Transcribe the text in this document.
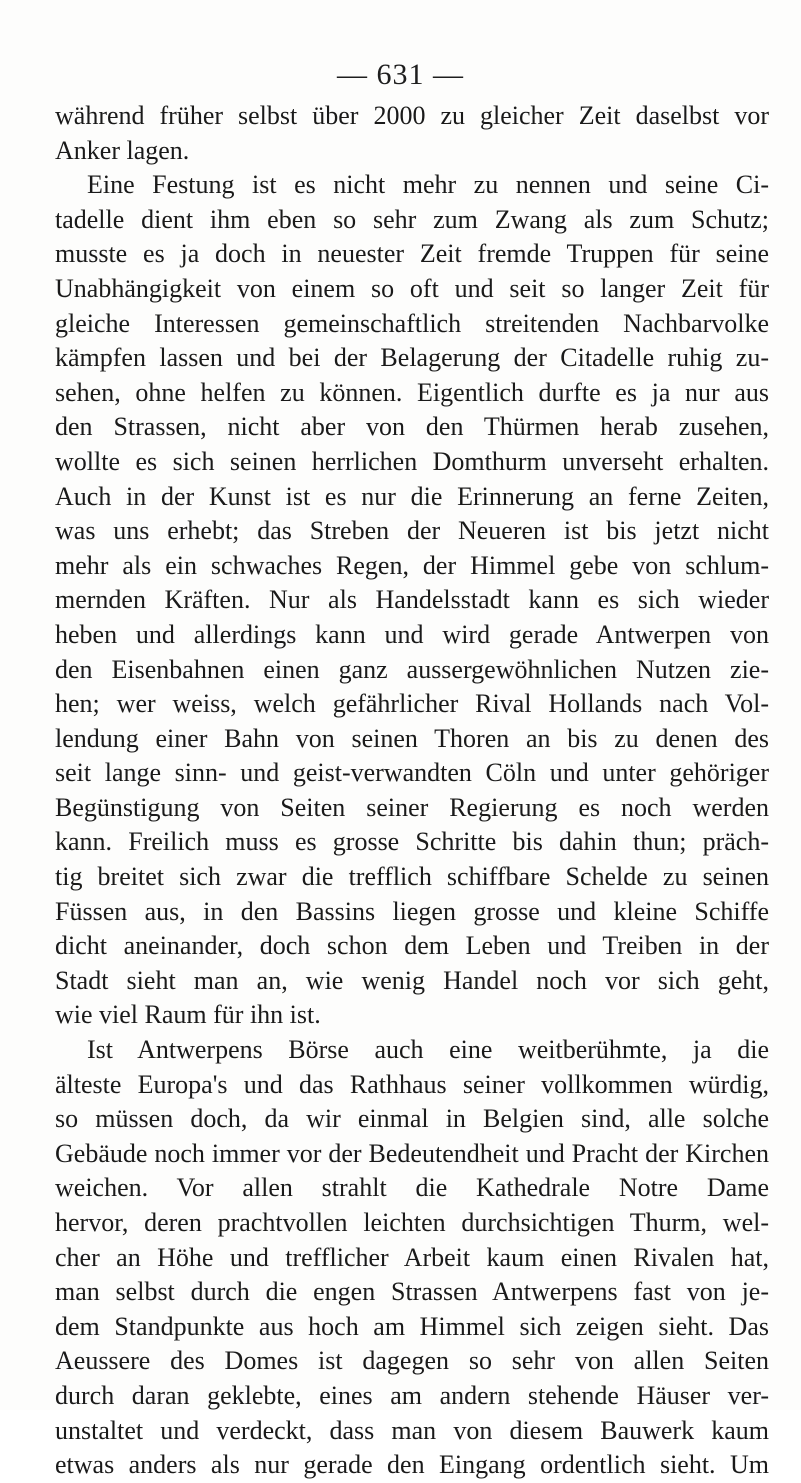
— 631 —
während früher selbst über 2000 zu gleicher Zeit daselbst vor
Anker lagen.
Eine Festung ist es nicht mehr zu nennen und seine Ci-
tadelle dient ihm eben so sehr zum Zwang als zum Schutz;
musste es ja doch in neuester Zeit fremde Truppen für seine
Unabhängigkeit von einem so oft und seit so langer Zeit für
gleiche Interessen gemeinschaftlich streitenden Nachbarvolke
kämpfen lassen und bei der Belagerung der Citadelle ruhig zu-
sehen, ohne helfen zu können. Eigentlich durfte es ja nur aus
den Strassen, nicht aber von den Thürmen herab zusehen,
wollte es sich seinen herrlichen Domthurm unverseht erhalten.
Auch in der Kunst ist es nur die Erinnerung an ferne Zeiten,
was uns erhebt; das Streben der Neueren ist bis jetzt nicht
mehr als ein schwaches Regen, der Himmel gebe von schlum-
mernden Kräften. Nur als Handelsstadt kann es sich wieder
heben und allerdings kann und wird gerade Antwerpen von
den Eisenbahnen einen ganz aussergewöhnlichen Nutzen zie-
hen; wer weiss, welch gefährlicher Rival Hollands nach Vol-
lendung einer Bahn von seinen Thoren an bis zu denen des
seit lange sinn- und geist-verwandten Cöln und unter gehöriger
Begünstigung von Seiten seiner Regierung es noch werden
kann. Freilich muss es grosse Schritte bis dahin thun; präch-
tig breitet sich zwar die trefflich schiffbare Schelde zu seinen
Füssen aus, in den Bassins liegen grosse und kleine Schiffe
dicht aneinander, doch schon dem Leben und Treiben in der
Stadt sieht man an, wie wenig Handel noch vor sich geht,
wie viel Raum für ihn ist.
Ist Antwerpens Börse auch eine weitberühmte, ja die
älteste Europa's und das Rathhaus seiner vollkommen würdig,
so müssen doch, da wir einmal in Belgien sind, alle solche
Gebäude noch immer vor der Bedeutendheit und Pracht der Kirchen
weichen. Vor allen strahlt die Kathedrale Notre Dame
hervor, deren prachtvollen leichten durchsichtigen Thurm, wel-
cher an Höhe und trefflicher Arbeit kaum einen Rivalen hat,
man selbst durch die engen Strassen Antwerpens fast von je-
dem Standpunkte aus hoch am Himmel sich zeigen sieht. Das
Aeussere des Domes ist dagegen so sehr von allen Seiten
durch daran geklebte, eines am andern stehende Häuser ver-
unstaltet und verdeckt, dass man von diesem Bauwerk kaum
etwas anders als nur gerade den Eingang ordentlich sieht. Um
